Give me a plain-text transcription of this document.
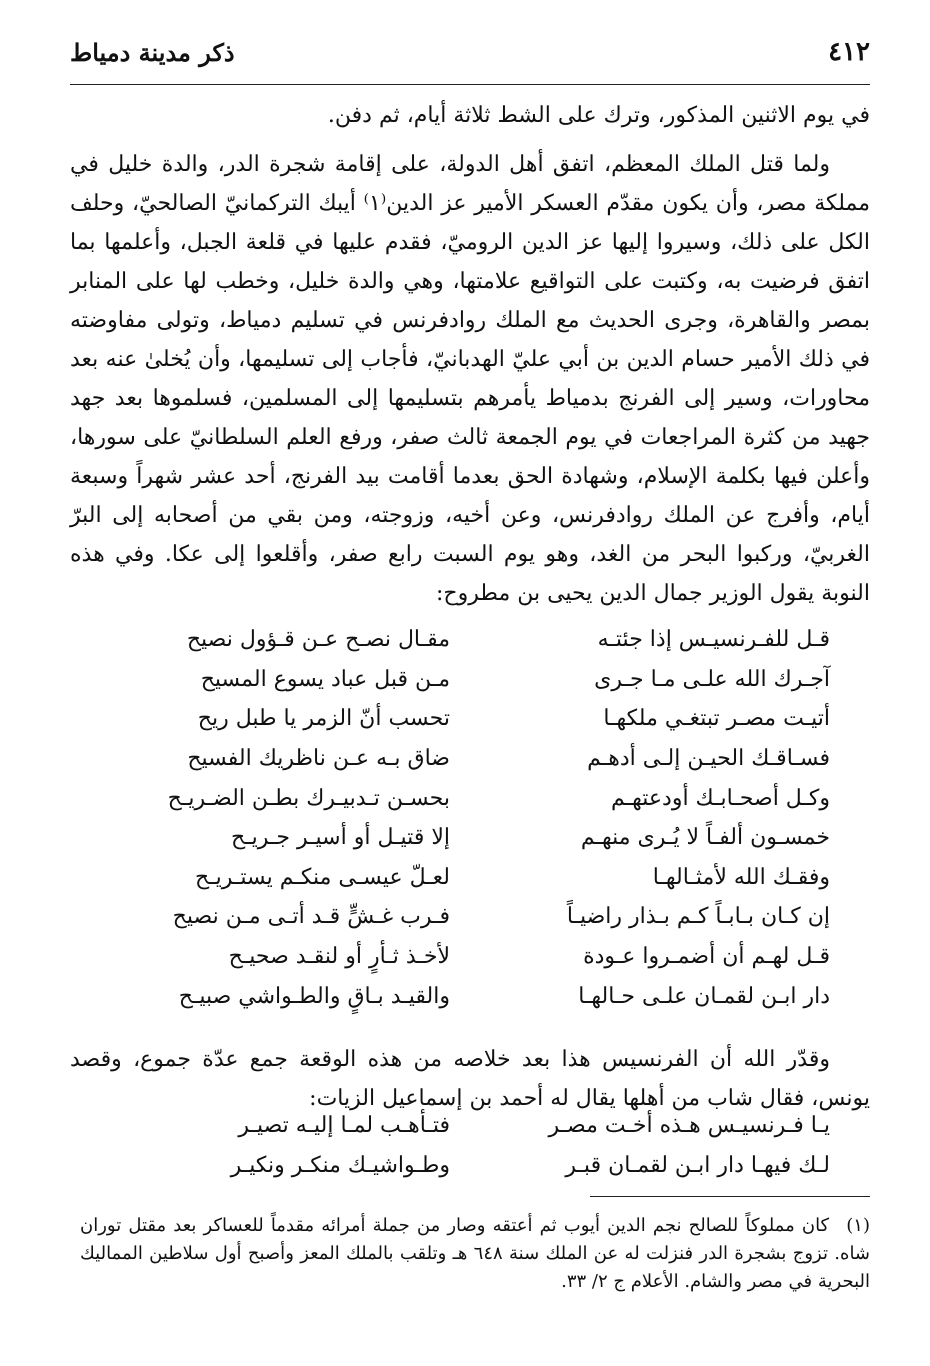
٤١٢
ذكر مدينة دمياط

في يوم الاثنين المذكور، وترك على الشط ثلاثة أيام، ثم دفن.

ولما قتل الملك المعظم، اتفق أهل الدولة، على إقامة شجرة الدر، والدة خليل في مملكة مصر، وأن يكون مقدّم العسكر الأمير عز الدين⁽١⁾ أيبك التركمانيّ الصالحيّ، وحلف الكل على ذلك، وسيروا إليها عز الدين الروميّ، فقدم عليها في قلعة الجبل، وأعلمها بما اتفق فرضيت به، وكتبت على التواقيع علامتها، وهي والدة خليل، وخطب لها على المنابر بمصر والقاهرة، وجرى الحديث مع الملك روادفرنس في تسليم دمياط، وتولى مفاوضته في ذلك الأمير حسام الدين بن أبي عليّ الهدبانيّ، فأجاب إلى تسليمها، وأن يُخلىٰ عنه بعد محاورات، وسير إلى الفرنج بدمياط يأمرهم بتسليمها إلى المسلمين، فسلموها بعد جهد جهيد من كثرة المراجعات في يوم الجمعة ثالث صفر، ورفع العلم السلطانيّ على سورها، وأعلن فيها بكلمة الإسلام، وشهادة الحق بعدما أقامت بيد الفرنج، أحد عشر شهراً وسبعة أيام، وأفرج عن الملك روادفرنس، وعن أخيه، وزوجته، ومن بقي من أصحابه إلى البرّ الغربيّ، وركبوا البحر من الغد، وهو يوم السبت رابع صفر، وأقلعوا إلى عكا. وفي هذه النوبة يقول الوزير جمال الدين يحيى بن مطروح:

قـل للفـرنسيـس إذا جئتـه
مقـال نصـح عـن قـؤول نصيح
آجـرك الله علـى مـا جـرى
مـن قبل عباد يسوع المسيح
أتيـت مصـر تبتغـي ملكهـا
تحسب أنّ الزمر يا طبل ريح
فسـاقـك الحيـن إلـى أدهـم
ضاق بـه عـن ناظريك الفسيح
وكـل أصحـابـك أودعتهـم
بحسـن تـدبيـرك بطـن الضـريـح
خمسـون ألفـاً لا يُـرى منهـم
إلا قتيـل أو أسيـر جـريـح
وفقـك الله لأمثـالهـا
لعـلّ عيسـى منكـم يستـريـح
إن كـان بـابـاً كـم بـذار راضيـاً
فـرب غـشٍّ قـد أتـى مـن نصيح
قـل لهـم أن أضمـروا عـودة
لأخـذ ثـأرٍ أو لنقـد صحيـح
دار ابـن لقمـان علـى حـالهـا
والقيـد بـاقٍ والطـواشي صبيـح

وقدّر الله أن الفرنسيس هذا بعد خلاصه من هذه الوقعة جمع عدّة جموع، وقصد يونس، فقال شاب من أهلها يقال له أحمد بن إسماعيل الزيات:

يـا فـرنسيـس هـذه أخـت مصـر
فتـأهـب لمـا إليـه تصيـر
لـك فيهـا دار ابـن لقمـان قبـر
وطـواشيـك منكـر ونكيـر
(١) كان مملوكاً للصالح نجم الدين أيوب ثم أعتقه وصار من جملة أمرائه مقدماً للعساكر بعد مقتل توران شاه. تزوج بشجرة الدر فنزلت له عن الملك سنة ٦٤٨ هـ وتلقب بالملك المعز وأصبح أول سلاطين المماليك البحرية في مصر والشام. الأعلام ج ٢/ ٣٣.
